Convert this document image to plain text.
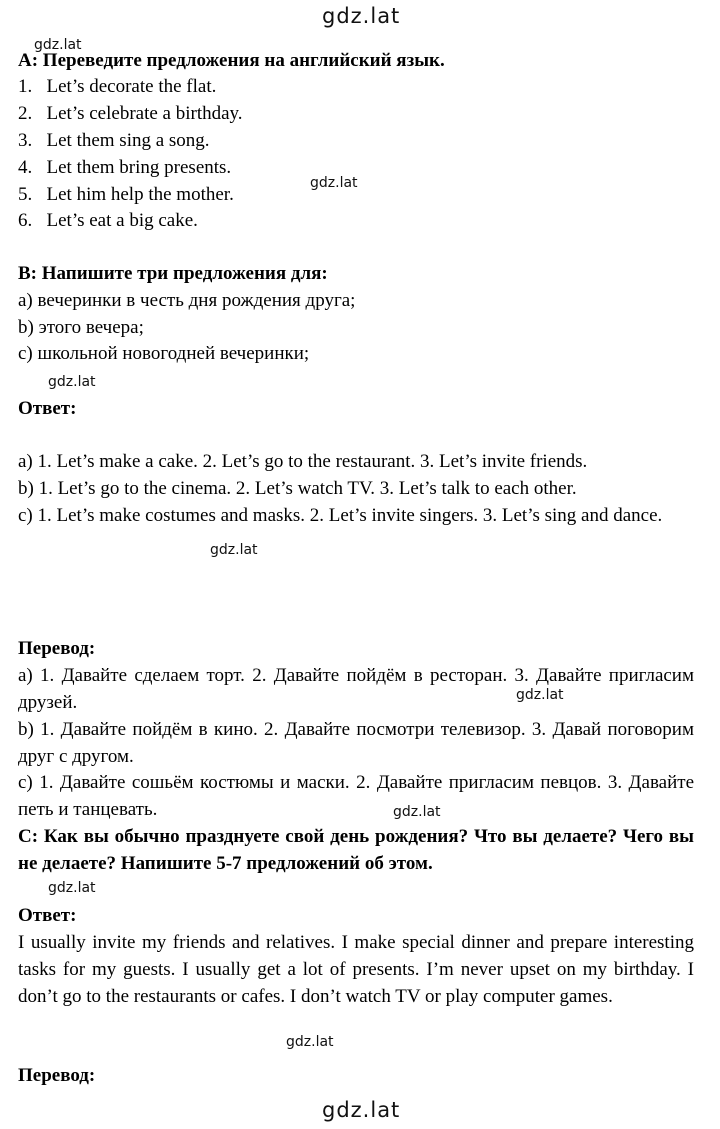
gdz.lat
gdz.lat
gdz.lat
gdz.lat
gdz.lat
gdz.lat
gdz.lat
gdz.lat
gdz.lat
gdz.lat
A: Переведите предложения на английский язык.
1.   Let’s decorate the flat.
2.   Let’s celebrate a birthday.
3.   Let them sing a song.
4.   Let them bring presents.
5.   Let him help the mother.
6.   Let’s eat a big cake.
B: Напишите три предложения для:
a) вечеринки в честь дня рождения друга;
b) этого вечера;
c) школьной новогодней вечеринки;
Ответ:
a) 1. Let’s make a cake. 2. Let’s go to the restaurant. 3. Let’s invite friends.
b) 1. Let’s go to the cinema. 2. Let’s watch TV. 3. Let’s talk to each other.
c) 1. Let’s make costumes and masks. 2. Let’s invite singers. 3. Let’s sing and dance.
Перевод:
a) 1. Давайте сделаем торт. 2. Давайте пойдём в ресторан. 3. Давайте пригласим друзей.
b) 1. Давайте пойдём в кино. 2. Давайте посмотри телевизор. 3. Давай поговорим друг с другом.
c) 1. Давайте сошьём костюмы и маски. 2. Давайте пригласим певцов. 3. Давайте петь и танцевать.
C: Как вы обычно празднуете свой день рождения? Что вы делаете? Чего вы не делаете? Напишите 5-7 предложений об этом.
Ответ:
I usually invite my friends and relatives. I make special dinner and prepare interesting tasks for my guests. I usually get a lot of presents. I’m never upset on my birthday. I don’t go to the restaurants or cafes. I don’t watch TV or play computer games.
Перевод:
